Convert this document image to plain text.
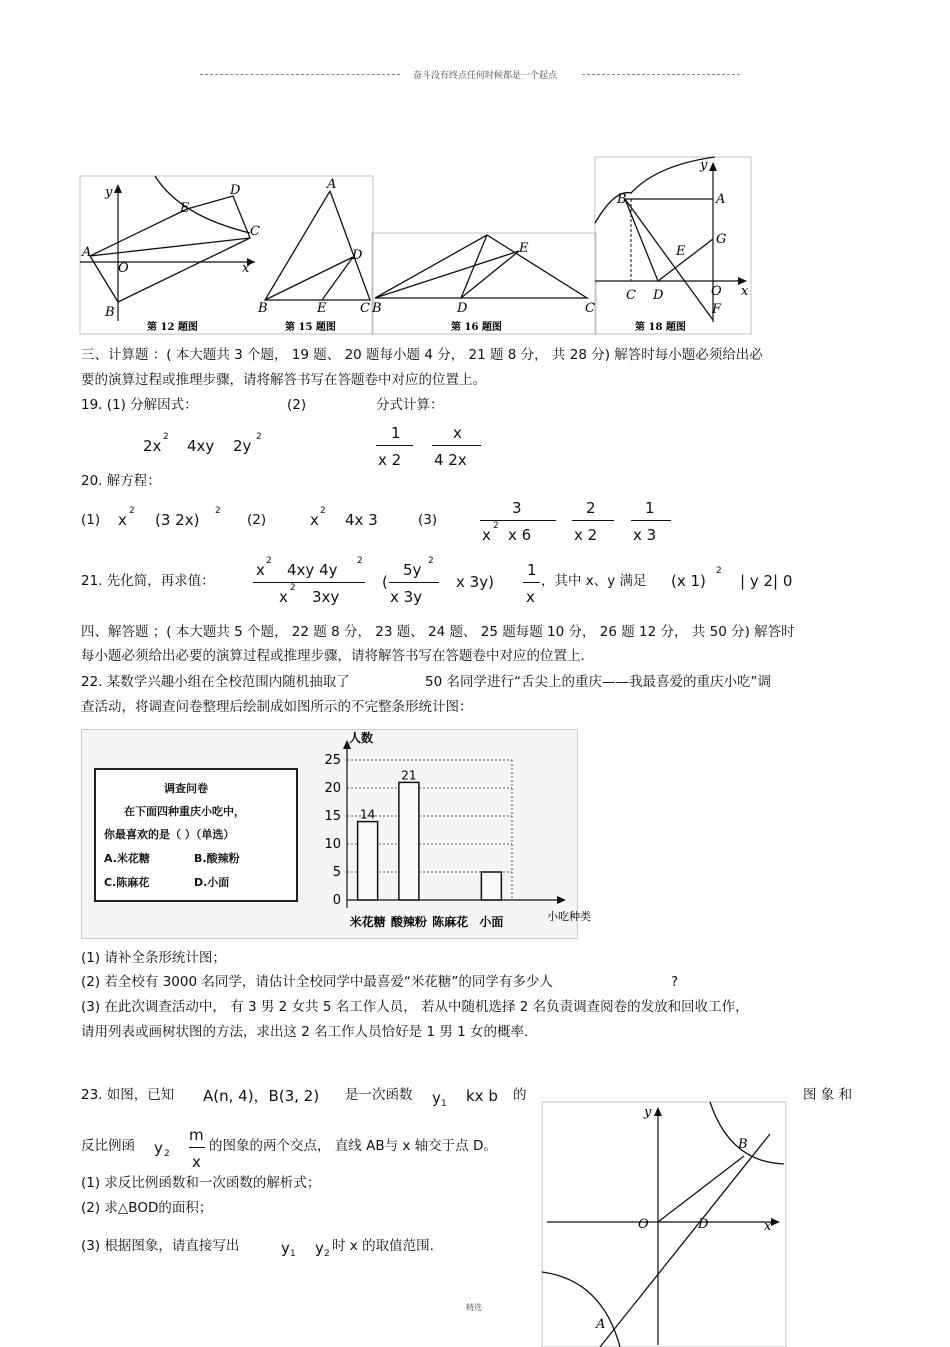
奋斗没有终点任何时候都是一个起点
y	D
E
C
A
O	x
B
第 12 题图	第 15 题图
A
D
B	E	C
E
B	D	C
第 16 题图
B
y
A
G
E
C D	O x
F
第 18 题图
三、计算题 ：( 本大题共 3 个题， 19 题、 20 题每小题 4 分， 21 题 8 分， 共 28 分) 解答时每小题必须给出必
要的演算过程或推理步骤，请将解答书写在答题卷中对应的位置上。
19. (1) 分解因式：	(2)	分式计算：
2x 2 4xy 2y 2	1
x 2
x
4 2x
20. 解方程：
(1) x 2 (3 2x) 2
(2)	x 2 4x 3	(3)
3
x 2 x 6
2
x 2
1
x 3
21. 先化简，再求值：
x 2 4xy 4y 2
x 2 3xy
(
5y 2
x 3y
x 3y)
1
x
，其中 x、y 满足 (x 1)
2
| y 2| 0
四、解答题 ；( 本大题共 5 个题， 22 题 8 分， 23 题、 24 题、 25 题每题 10 分， 26 题 12 分， 共 50 分) 解答时
每小题必须给出必要的演算过程或推理步骤，请将解答书写在答题卷中对应的位置上.
22. 某数学兴趣小组在全校范围内随机抽取了	50 名同学进行“舌尖上的重庆——我最喜爱的重庆小吃”调
查活动，将调查问卷整理后绘制成如图所示的不完整条形统计图：
调查问卷
在下面四种重庆小吃中，
你最喜欢的是（ ）（单选）
A.米花糖	B.酸辣粉
C.陈麻花	D.小面
0
5
10
15
20
25
人数
小吃种类
14
米花糖
21
酸辣粉 陈麻花 小面
(1) 请补全条形统计图；
(2) 若全校有 3000 名同学，请估计全校同学中最喜爱“米花糖”的同学有多少人	?
(3) 在此次调查活动中， 有 3 男 2 女共 5 名工作人员， 若从中随机选择 2 名负责调查阅卷的发放和回收工作，
请用列表或画树状图的方法，求出这 2 名工作人员恰好是 1 男 1 女的概率.
23. 如图，已知 A(n, 4)，B(3, 2) 是一次函数 y 1 kx b 的	图 象 和
反比例函 y 2
m
x
的图象的两个交点， 直线 AB与 x 轴交于点 D。
(1) 求反比例函数和一次函数的解析式；
(2) 求△BOD的面积；
(3) 根据图象，请直接写出	y 1 y 2 时 x 的取值范围.
y
B
O	D	x
A
精选
